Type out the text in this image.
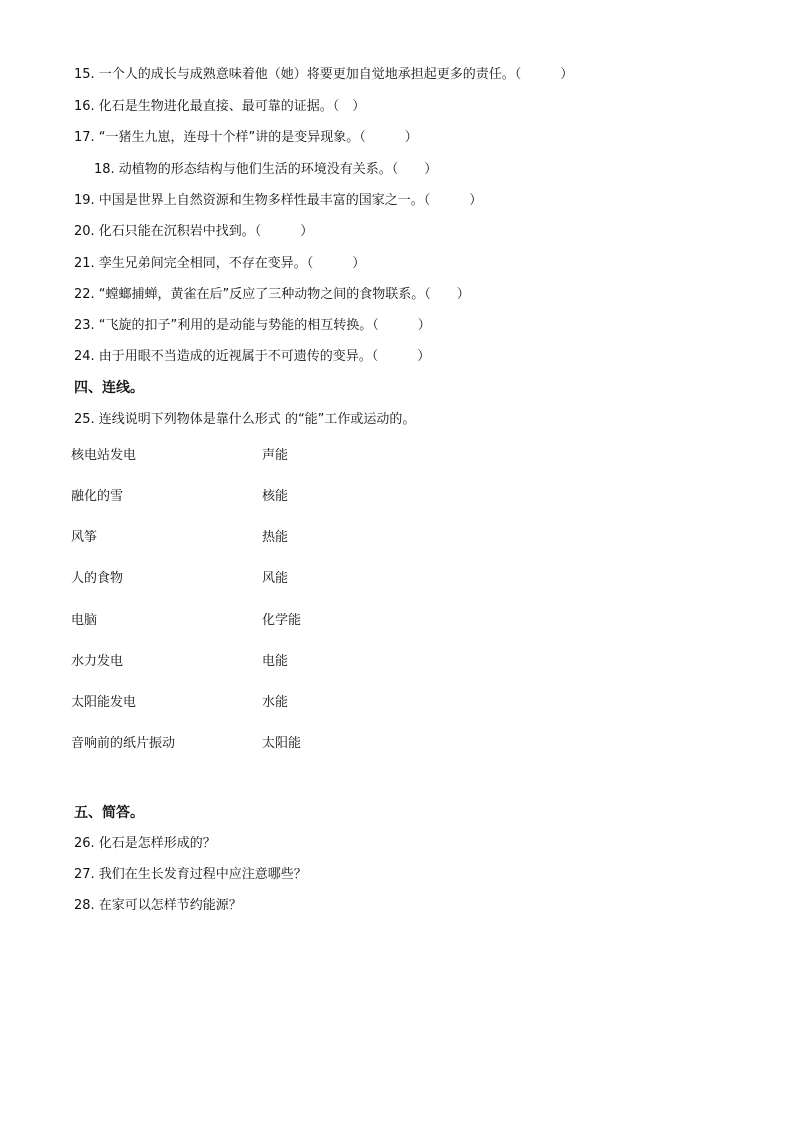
15. 一个人的成长与成熟意味着他（她）将要更加自觉地承担起更多的责任。（　　　）
16. 化石是生物进化最直接、最可靠的证据。（　）
17. “一猪生九崽，连母十个样”讲的是变异现象。（　　　）
18. 动植物的形态结构与他们生活的环境没有关系。（　　）
19. 中国是世界上自然资源和生物多样性最丰富的国家之一。（　　　）
20. 化石只能在沉积岩中找到。（　　　）
21. 孪生兄弟间完全相同，不存在变异。（　　　）
22. “螳螂捕蝉，黄雀在后”反应了三种动物之间的食物联系。（　　）
23. “飞旋的扣子”利用的是动能与势能的相互转换。（　　　）
24. 由于用眼不当造成的近视属于不可遗传的变异。（　　　）
四、连线。
25. 连线说明下列物体是靠什么形式 的“能”工作或运动的。
核电站发电
融化的雪
风筝
人的食物
电脑
水力发电
太阳能发电
音响前的纸片振动
声能
核能
热能
风能
化学能
电能
水能
太阳能
五、简答。
26. 化石是怎样形成的？
27. 我们在生长发育过程中应注意哪些？
28. 在家可以怎样节约能源？
